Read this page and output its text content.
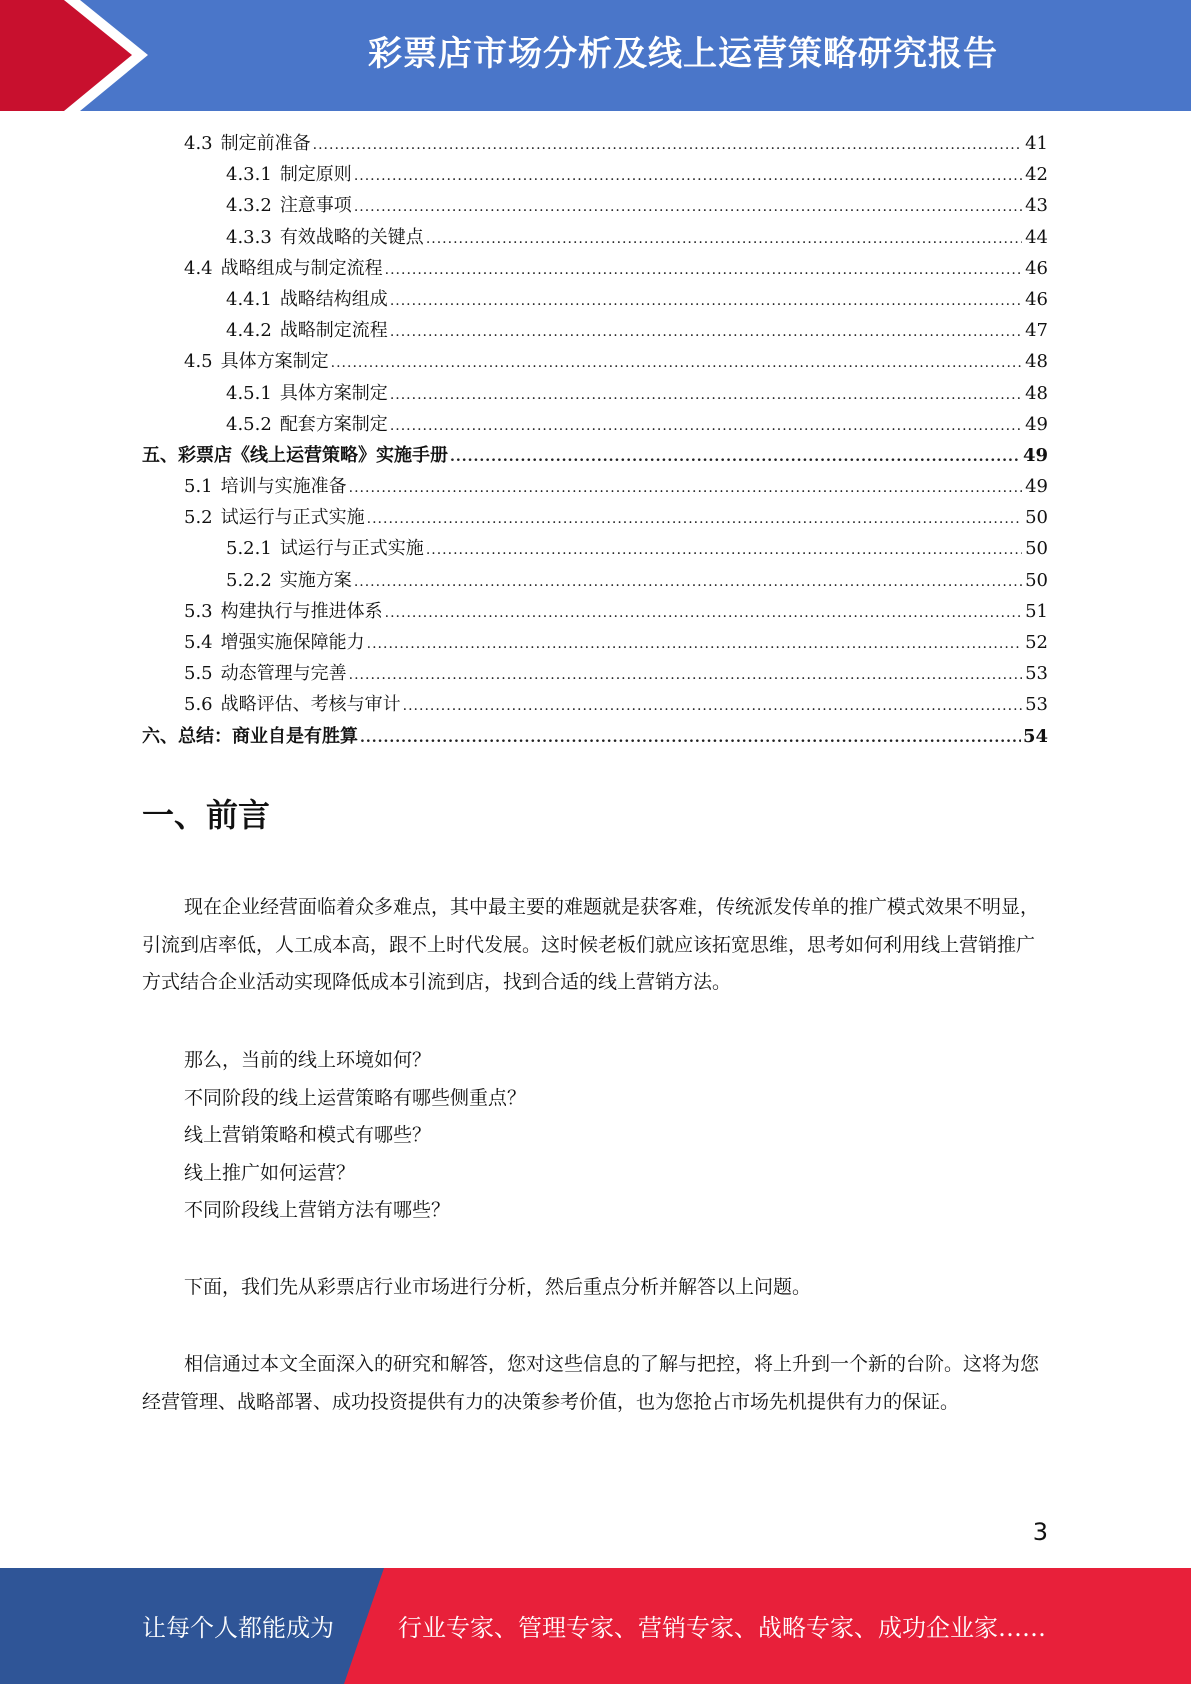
彩票店市场分析及线上运营策略研究报告
4.3 制定前准备 .....	41
4.3.1 制定原则 .....	42
4.3.2 注意事项 .....	43
4.3.3 有效战略的关键点 .....	44
4.4 战略组成与制定流程 .....	46
4.4.1 战略结构组成 .....	46
4.4.2 战略制定流程 .....	47
4.5 具体方案制定 .....	48
4.5.1 具体方案制定 .....	48
4.5.2 配套方案制定 .....	49
五、彩票店《线上运营策略》实施手册 .....	49
5.1 培训与实施准备 .....	49
5.2 试运行与正式实施 .....	50
5.2.1 试运行与正式实施 .....	50
5.2.2 实施方案 .....	50
5.3 构建执行与推进体系 .....	51
5.4 增强实施保障能力 .....	52
5.5 动态管理与完善 .....	53
5.6 战略评估、考核与审计 .....	53
六、总结：商业自是有胜算 .....	54
一、前言

现在企业经营面临着众多难点，其中最主要的难题就是获客难，传统派发传单的推广模式效果不明显，引流到店率低，人工成本高，跟不上时代发展。这时候老板们就应该拓宽思维，思考如何利用线上营销推广方式结合企业活动实现降低成本引流到店，找到合适的线上营销方法。

那么，当前的线上环境如何？
不同阶段的线上运营策略有哪些侧重点？
线上营销策略和模式有哪些？
线上推广如何运营？
不同阶段线上营销方法有哪些？

下面，我们先从彩票店行业市场进行分析，然后重点分析并解答以上问题。

相信通过本文全面深入的研究和解答，您对这些信息的了解与把控，将上升到一个新的台阶。这将为您经营管理、战略部署、成功投资提供有力的决策参考价值，也为您抢占市场先机提供有力的保证。

3
让每个人都能成为	行业专家、管理专家、营销专家、战略专家、成功企业家……
